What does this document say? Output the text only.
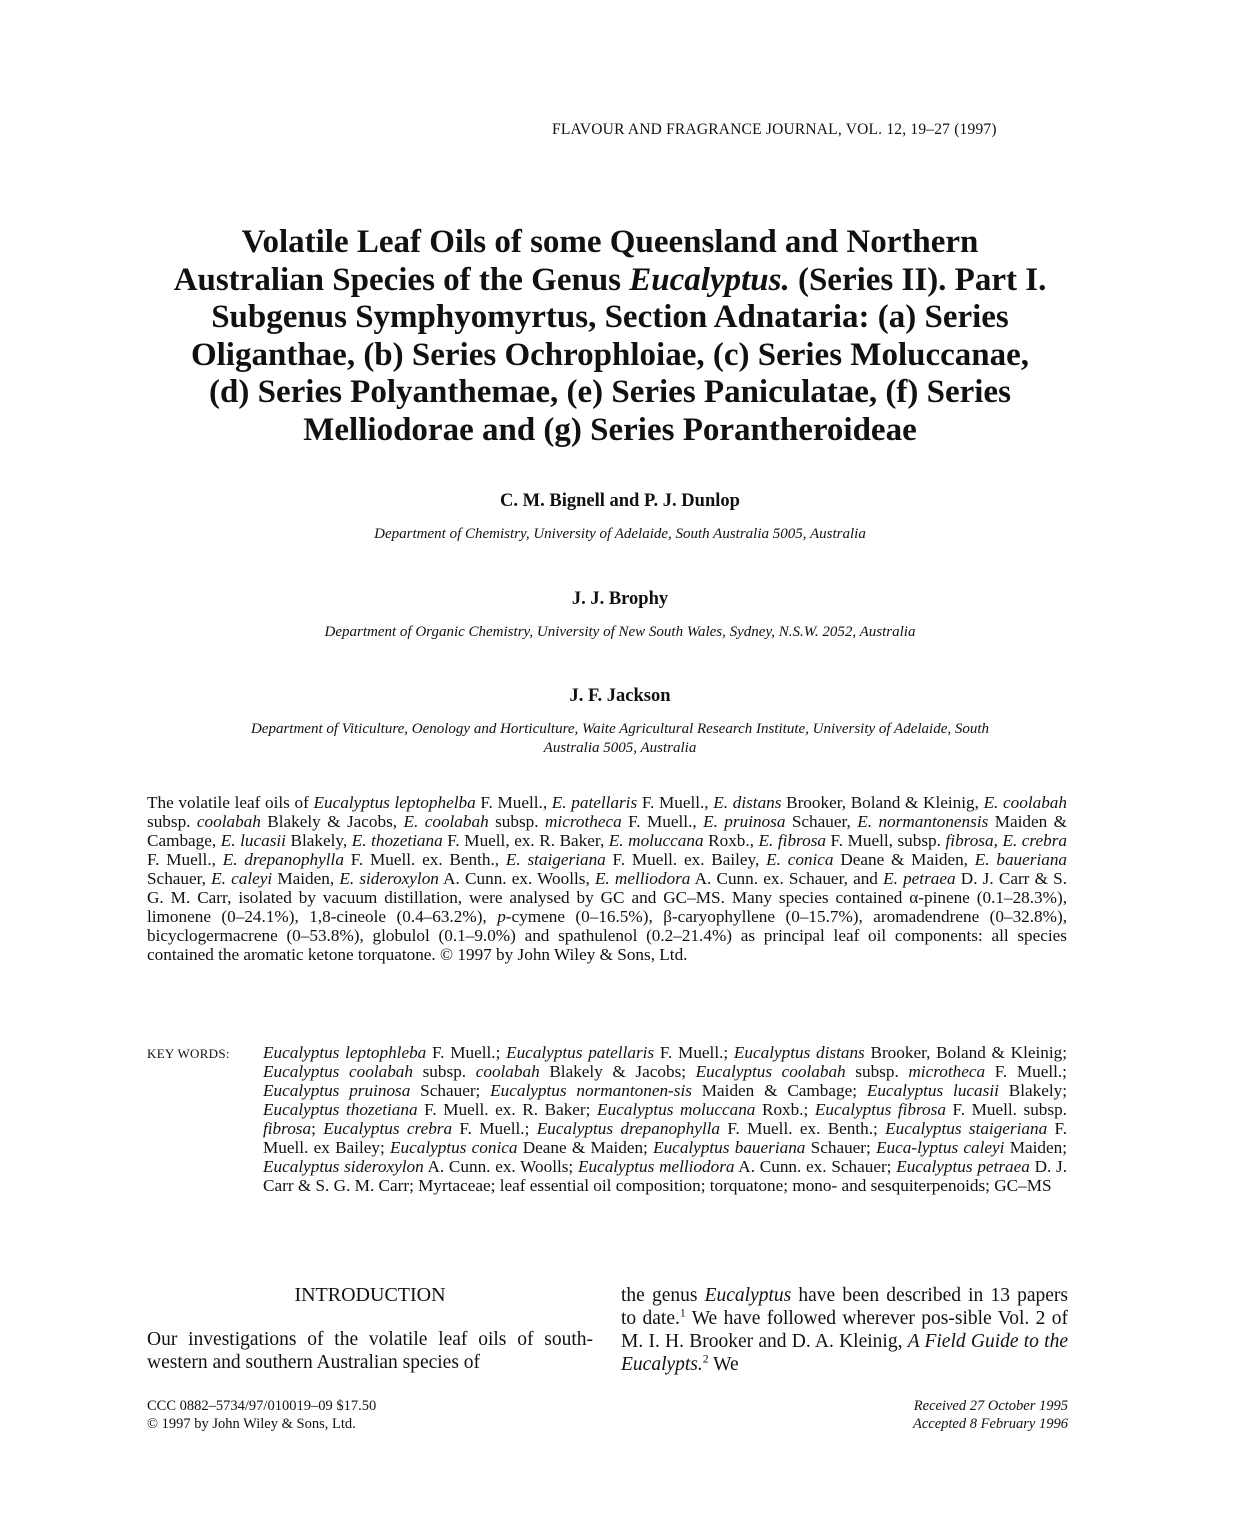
FLAVOUR AND FRAGRANCE JOURNAL, VOL. 12, 19–27 (1997)
Volatile Leaf Oils of some Queensland and Northern
Australian Species of the Genus Eucalyptus. (Series II). Part I.
Subgenus Symphyomyrtus, Section Adnataria: (a) Series
Oliganthae, (b) Series Ochrophloiae, (c) Series Moluccanae,
(d) Series Polyanthemae, (e) Series Paniculatae, (f) Series
Melliodorae and (g) Series Porantheroideae
C. M. Bignell and P. J. Dunlop
Department of Chemistry, University of Adelaide, South Australia 5005, Australia
J. J. Brophy
Department of Organic Chemistry, University of New South Wales, Sydney, N.S.W. 2052, Australia
J. F. Jackson
Department of Viticulture, Oenology and Horticulture, Waite Agricultural Research Institute, University of Adelaide, South
Australia 5005, Australia
The volatile leaf oils of Eucalyptus leptophelba F. Muell., E. patellaris F. Muell., E. distans Brooker, Boland & Kleinig, E. coolabah subsp. coolabah Blakely & Jacobs, E. coolabah subsp. microtheca F. Muell., E. pruinosa Schauer, E. normantonensis Maiden & Cambage, E. lucasii Blakely, E. thozetiana F. Muell, ex. R. Baker, E. moluccana Roxb., E. fibrosa F. Muell, subsp. fibrosa, E. crebra F. Muell., E. drepanophylla F. Muell. ex. Benth., E. staigeriana F. Muell. ex. Bailey, E. conica Deane & Maiden, E. baueriana Schauer, E. caleyi Maiden, E. sideroxylon A. Cunn. ex. Woolls, E. melliodora A. Cunn. ex. Schauer, and E. petraea D. J. Carr & S. G. M. Carr, isolated by vacuum distillation, were analysed by GC and GC–MS. Many species contained α-pinene (0.1–28.3%), limonene (0–24.1%), 1,8-cineole (0.4–63.2%), p-cymene (0–16.5%), β-caryophyllene (0–15.7%), aromadendrene (0–32.8%), bicyclogermacrene (0–53.8%), globulol (0.1–9.0%) and spathulenol (0.2–21.4%) as principal leaf oil components: all species contained the aromatic ketone torquatone. © 1997 by John Wiley & Sons, Ltd.
KEY WORDS: Eucalyptus leptophleba F. Muell.; Eucalyptus patellaris F. Muell.; Eucalyptus distans Brooker, Boland & Kleinig; Eucalyptus coolabah subsp. coolabah Blakely & Jacobs; Eucalyptus coolabah subsp. microtheca F. Muell.; Eucalyptus pruinosa Schauer; Eucalyptus normantonen-sis Maiden & Cambage; Eucalyptus lucasii Blakely; Eucalyptus thozetiana F. Muell. ex. R. Baker; Eucalyptus moluccana Roxb.; Eucalyptus fibrosa F. Muell. subsp. fibrosa; Eucalyptus crebra F. Muell.; Eucalyptus drepanophylla F. Muell. ex. Benth.; Eucalyptus staigeriana F. Muell. ex Bailey; Eucalyptus conica Deane & Maiden; Eucalyptus baueriana Schauer; Euca-lyptus caleyi Maiden; Eucalyptus sideroxylon A. Cunn. ex. Woolls; Eucalyptus melliodora A. Cunn. ex. Schauer; Eucalyptus petraea D. J. Carr & S. G. M. Carr; Myrtaceae; leaf essential oil composition; torquatone; mono- and sesquiterpenoids; GC–MS
INTRODUCTION
Our investigations of the volatile leaf oils of south-western and southern Australian species of
the genus Eucalyptus have been described in 13 papers to date.$^1$ We have followed wherever pos-sible Vol. 2 of M. I. H. Brooker and D. A. Kleinig, A Field Guide to the Eucalypts.$^2$ We
CCC 0882–5734/97/010019–09 $17.50
© 1997 by John Wiley & Sons, Ltd.
Received 27 October 1995
Accepted 8 February 1996
